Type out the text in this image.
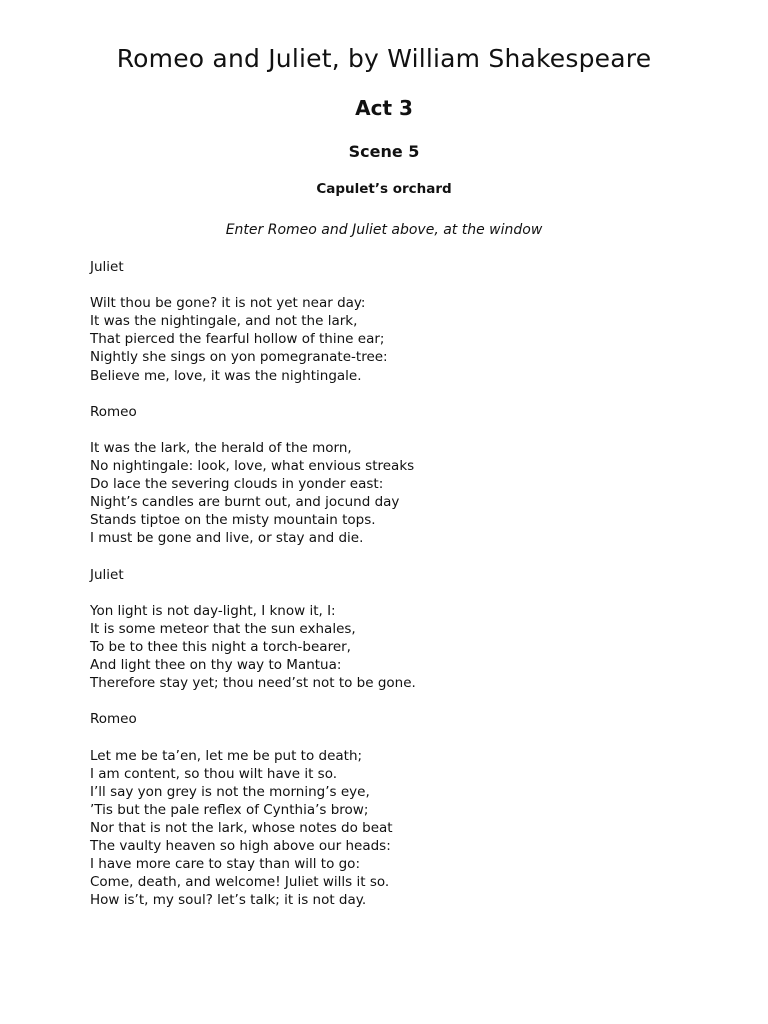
Romeo and Juliet, by William Shakespeare
Act 3
Scene 5
Capulet’s orchard

Enter Romeo and Juliet above, at the window

Juliet
Wilt thou be gone? it is not yet near day:
It was the nightingale, and not the lark,
That pierced the fearful hollow of thine ear;
Nightly she sings on yon pomegranate-tree:
Believe me, love, it was the nightingale.
Romeo
It was the lark, the herald of the morn,
No nightingale: look, love, what envious streaks
Do lace the severing clouds in yonder east:
Night’s candles are burnt out, and jocund day
Stands tiptoe on the misty mountain tops.
I must be gone and live, or stay and die.
Juliet
Yon light is not day-light, I know it, I:
It is some meteor that the sun exhales,
To be to thee this night a torch-bearer,
And light thee on thy way to Mantua:
Therefore stay yet; thou need’st not to be gone.
Romeo
Let me be ta’en, let me be put to death;
I am content, so thou wilt have it so.
I’ll say yon grey is not the morning’s eye,
’Tis but the pale reflex of Cynthia’s brow;
Nor that is not the lark, whose notes do beat
The vaulty heaven so high above our heads:
I have more care to stay than will to go:
Come, death, and welcome! Juliet wills it so.
How is’t, my soul? let’s talk; it is not day.
